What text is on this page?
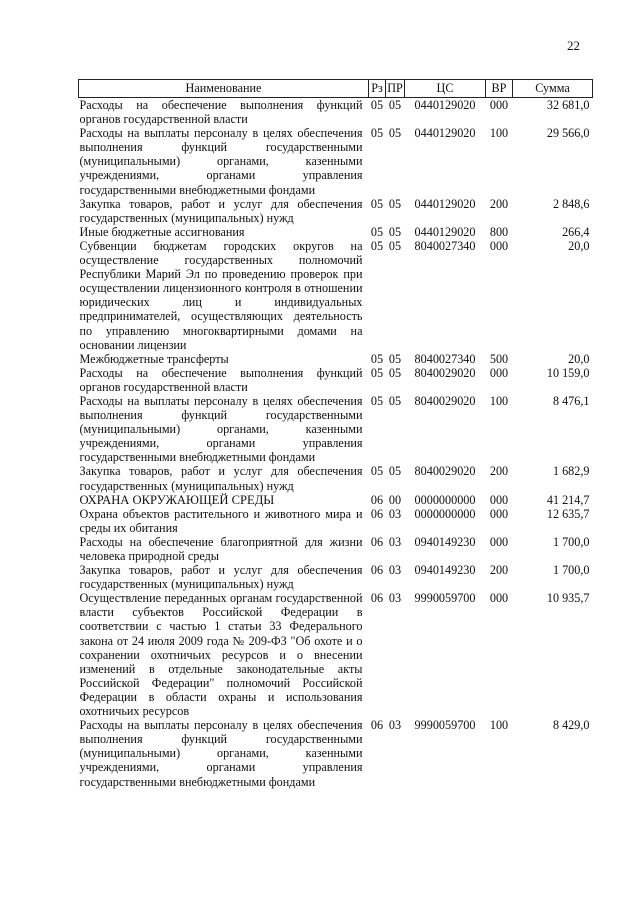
22
Наименование	Рз	ПР	ЦС	ВР	Сумма
Расходы на обеспечение выполнения функций органов государственной власти	05	05	0440129020	000	32 681,0
Расходы на выплаты персоналу в целях обеспечения выполнения функций государственными (муниципальными) органами, казенными учреждениями, органами управления государственными внебюджетными фондами	05	05	0440129020	100	29 566,0
Закупка товаров, работ и услуг для обеспечения государственных (муниципальных) нужд	05	05	0440129020	200	2 848,6
Иные бюджетные ассигнования	05	05	0440129020	800	266,4
Субвенции бюджетам городских округов на осуществление государственных полномочий Республики Марий Эл по проведению проверок при осуществлении лицензионного контроля в отношении юридических лиц и индивидуальных предпринимателей, осуществляющих деятельность по управлению многоквартирными домами на основании лицензии	05	05	8040027340	000	20,0
Межбюджетные трансферты	05	05	8040027340	500	20,0
Расходы на обеспечение выполнения функций органов государственной власти	05	05	8040029020	000	10 159,0
Расходы на выплаты персоналу в целях обеспечения выполнения функций государственными (муниципальными) органами, казенными учреждениями, органами управления государственными внебюджетными фондами	05	05	8040029020	100	8 476,1
Закупка товаров, работ и услуг для обеспечения государственных (муниципальных) нужд	05	05	8040029020	200	1 682,9
ОХРАНА ОКРУЖАЮЩЕЙ СРЕДЫ	06	00	0000000000	000	41 214,7
Охрана объектов растительного и животного мира и среды их обитания	06	03	0000000000	000	12 635,7
Расходы на обеспечение благоприятной для жизни человека природной среды	06	03	0940149230	000	1 700,0
Закупка товаров, работ и услуг для обеспечения государственных (муниципальных) нужд	06	03	0940149230	200	1 700,0
Осуществление переданных органам государственной власти субъектов Российской Федерации в соответствии с частью 1 статьи 33 Федерального закона от 24 июля 2009 года № 209-ФЗ "Об охоте и о сохранении охотничьих ресурсов и о внесении изменений в отдельные законодательные акты Российской Федерации" полномочий Российской Федерации в области охраны и использования охотничьих ресурсов	06	03	9990059700	000	10 935,7
Расходы на выплаты персоналу в целях обеспечения выполнения функций государственными (муниципальными) органами, казенными учреждениями, органами управления государственными внебюджетными фондами	06	03	9990059700	100	8 429,0
